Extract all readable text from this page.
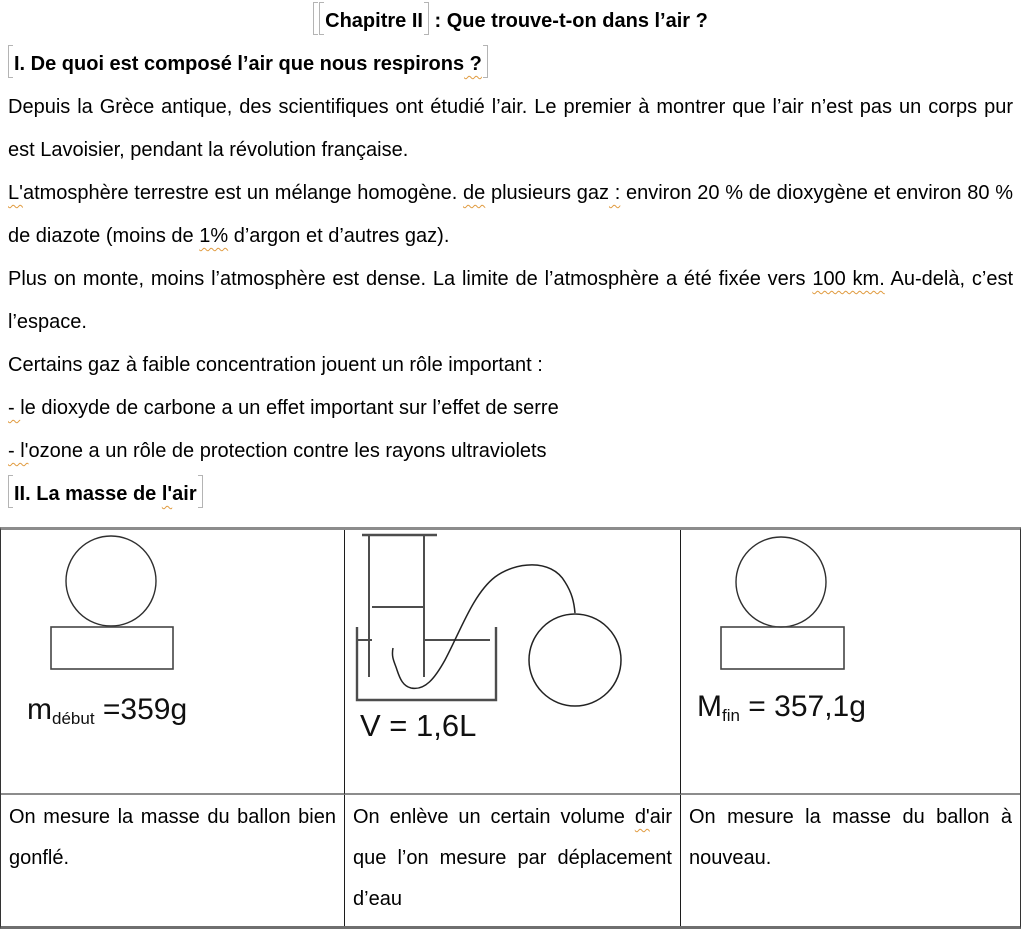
Chapitre II : Que trouve-t-on dans l’air ?
I. De quoi est composé l’air que nous respirons ?

Depuis la Grèce antique, des scientifiques ont étudié l’air. Le premier à montrer que l’air n’est pas un corps pur est Lavoisier, pendant la révolution française.

L'atmosphère terrestre est un mélange homogène. de plusieurs gaz : environ 20 % de dioxygène et environ 80 % de diazote (moins de 1% d’argon et d’autres gaz).

Plus on monte, moins l’atmosphère est dense. La limite de l’atmosphère a été fixée vers 100 km. Au-delà, c’est l’espace.

Certains gaz à faible concentration jouent un rôle important :

- le dioxyde de carbone a un effet important sur l’effet de serre

- l'ozone a un rôle de protection contre les rayons ultraviolets

II. La masse de l'air
$m_{début} =359g$	V = 1,6L
$M_{fin} = 357,1g$
On mesure la masse du ballon bien gonflé.
On enlève un certain volume d'air que l’on mesure par déplacement d’eau
On mesure la masse du ballon à nouveau.
